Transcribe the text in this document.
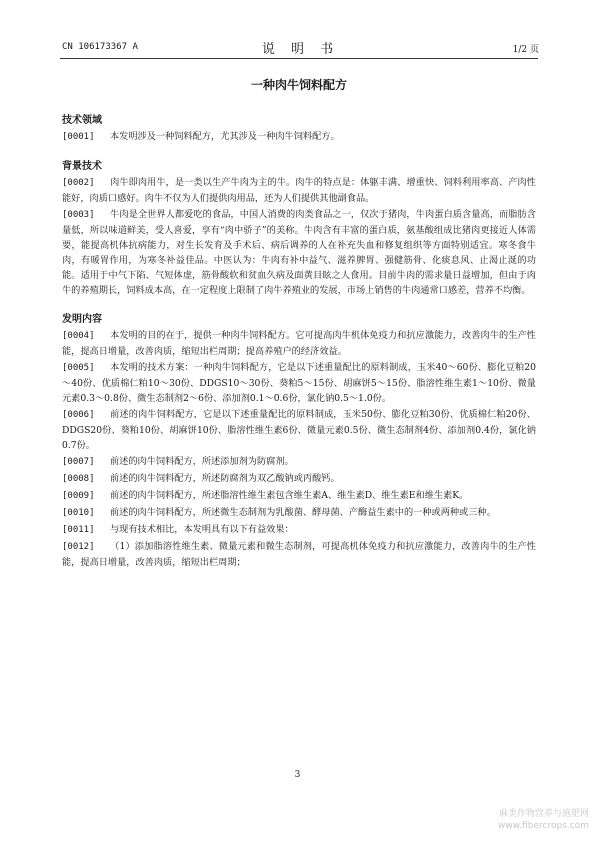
CN 106173367 A	说 明 书	1/2 页
一种肉牛饲料配方
技术领域

[0001] 本发明涉及一种饲料配方，尤其涉及一种肉牛饲料配方。

背景技术

[0002] 肉牛即肉用牛，是一类以生产牛肉为主的牛。肉牛的特点是：体躯丰满、增重快、饲料利用率高、产肉性能好，肉质口感好。肉牛不仅为人们提供肉用品，还为人们提供其他副食品。

[0003] 牛肉是全世界人都爱吃的食品，中国人消费的肉类食品之一，仅次于猪肉，牛肉蛋白质含量高，而脂肪含量低，所以味道鲜美，受人喜爱，享有“肉中骄子”的美称。牛肉含有丰富的蛋白质，氨基酸组成比猪肉更接近人体需要，能提高机体抗病能力，对生长发育及手术后、病后调养的人在补充失血和修复组织等方面特别适宜。寒冬食牛肉，有暖胃作用，为寒冬补益佳品。中医认为：牛肉有补中益气、滋养脾胃、强健筋骨、化痰息风、止渴止涎的功能。适用于中气下陷、气短体虚，筋骨酸软和贫血久病及面黄目眩之人食用。目前牛肉的需求量日益增加，但由于肉牛的养殖期长，饲料成本高，在一定程度上限制了肉牛养殖业的发展，市场上销售的牛肉通常口感差，营养不均衡。

发明内容

[0004] 本发明的目的在于，提供一种肉牛饲料配方。它可提高肉牛机体免疫力和抗应激能力，改善肉牛的生产性能，提高日增量，改善肉质，缩短出栏周期；提高养殖户的经济效益。

[0005] 本发明的技术方案：一种肉牛饲料配方，它是以下述重量配比的原料制成，玉米40～60份、膨化豆粕20～40份、优质棉仁粕10～30份、DDGS10～30份、葵粕5～15份、胡麻饼5～15份、脂溶性维生素1～10份、微量元素0.3～0.8份、微生态制剂2～6份、添加剂0.1～0.6份，氯化钠0.5～1.0份。

[0006] 前述的肉牛饲料配方，它是以下述重量配比的原料制成，玉米50份、膨化豆粕30份、优质棉仁粕20份、DDGS20份、葵粕10份、胡麻饼10份、脂溶性维生素6份、微量元素0.5份、微生态制剂4份、添加剂0.4份，氯化钠0.7份。

[0007] 前述的肉牛饲料配方，所述添加剂为防腐剂。

[0008] 前述的肉牛饲料配方，所述防腐剂为双乙酸钠或丙酸钙。

[0009] 前述的肉牛饲料配方，所述脂溶性维生素包含维生素A、维生素D、维生素E和维生素K。

[0010] 前述的肉牛饲料配方，所述微生态制剂为乳酸菌、酵母菌、产酶益生素中的一种或两种或三种。

[0011] 与现有技术相比，本发明具有以下有益效果：

[0012] （1）添加脂溶性维生素、微量元素和微生态制剂，可提高机体免疫力和抗应激能力，改善肉牛的生产性能，提高日增量，改善肉质，缩短出栏周期；

3
麻类作物营养与施肥网
www.fibercrops.com
